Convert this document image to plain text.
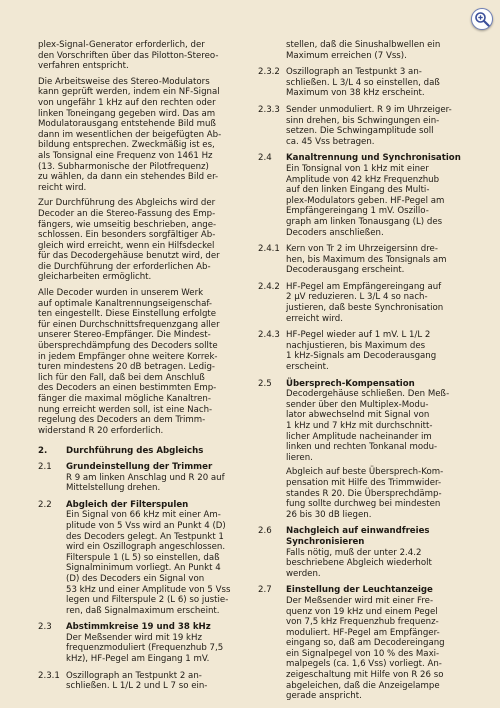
plex-Signal-Generator erforderlich, der
den Vorschriften über das Pilotton-Stereo-
verfahren entspricht.

Die Arbeitsweise des Stereo-Modulators
kann geprüft werden, indem ein NF-Signal
von ungefähr 1 kHz auf den rechten oder
linken Toneingang gegeben wird. Das am
Modulatorausgang entstehende Bild muß
dann im wesentlichen der beigefügten Ab-
bildung entsprechen. Zweckmäßig ist es,
als Tonsignal eine Frequenz von 1461 Hz
(13. Subharmonische der Pilotfrequenz)
zu wählen, da dann ein stehendes Bild er-
reicht wird.

Zur Durchführung des Abgleichs wird der
Decoder an die Stereo-Fassung des Emp-
fängers, wie umseitig beschrieben, ange-
schlossen. Ein besonders sorgfältiger Ab-
gleich wird erreicht, wenn ein Hilfsdeckel
für das Decodergehäuse benutzt wird, der
die Durchführung der erforderlichen Ab-
gleicharbeiten ermöglicht.

Alle Decoder wurden in unserem Werk
auf optimale Kanaltrennungseigenschaf-
ten eingestellt. Diese Einstellung erfolgte
für einen Durchschnittsfrequenzgang aller
unserer Stereo-Empfänger. Die Mindest-
übersprechdämpfung des Decoders sollte
in jedem Empfänger ohne weitere Korrek-
turen mindestens 20 dB betragen. Ledig-
lich für den Fall, daß bei dem Anschluß
des Decoders an einen bestimmten Emp-
fänger die maximal mögliche Kanaltren-
nung erreicht werden soll, ist eine Nach-
regelung des Decoders an dem Trimm-
widerstand R 20 erforderlich.

2.	Durchführung des Abgleichs
2.1	Grundeinstellung der Trimmer

R 9 am linken Anschlag und R 20 auf
Mittelstellung drehen.

2.2	Abgleich der Filterspulen

Ein Signal von 66 kHz mit einer Am-
plitude von 5 Vss wird an Punkt 4 (D)
des Decoders gelegt. An Testpunkt 1
wird ein Oszillograph angeschlossen.
Filterspule 1 (L 5) so einstellen, daß
Signalminimum vorliegt. An Punkt 4
(D) des Decoders ein Signal von
53 kHz und einer Amplitude von 5 Vss
legen und Filterspule 2 (L 6) so justie-
ren, daß Signalmaximum erscheint.

2.3	Abstimmkreise 19 und 38 kHz

Der Meßsender wird mit 19 kHz
frequenzmoduliert (Frequenzhub 7,5
kHz), HF-Pegel am Eingang 1 mV.

2.3.1 Oszillograph an Testpunkt 2 an-
schließen. L 1/L 2 und L 7 so ein-

stellen, daß die Sinushalbwellen ein
Maximum erreichen (7 Vss).

2.3.2 Oszillograph an Testpunkt 3 an-
schließen. L 3/L 4 so einstellen, daß
Maximum von 38 kHz erscheint.

2.3.3 Sender unmoduliert. R 9 im Uhrzeiger-
sinn drehen, bis Schwingungen ein-
setzen. Die Schwingamplitude soll
ca. 45 Vss betragen.

2.4	Kanaltrennung und Synchronisation

Ein Tonsignal von 1 kHz mit einer
Amplitude von 42 kHz Frequenzhub
auf den linken Eingang des Multi-
plex-Modulators geben. HF-Pegel am
Empfängereingang 1 mV. Oszillo-
graph am linken Tonausgang (L) des
Decoders anschließen.

2.4.1 Kern von Tr 2 im Uhrzeigersinn dre-
hen, bis Maximum des Tonsignals am
Decoderausgang erscheint.

2.4.2 HF-Pegel am Empfängereingang auf
2 µV reduzieren. L 3/L 4 so nach-
justieren, daß beste Synchronisation
erreicht wird.

2.4.3 HF-Pegel wieder auf 1 mV. L 1/L 2
nachjustieren, bis Maximum des
1 kHz-Signals am Decoderausgang
erscheint.

2.5	Übersprech-Kompensation

Decodergehäuse schließen. Den Meß-
sender über den Multiplex-Modu-
lator abwechselnd mit Signal von
1 kHz und 7 kHz mit durchschnitt-
licher Amplitude nacheinander im
linken und rechten Tonkanal modu-
lieren.

Abgleich auf beste Übersprech-Kom-
pensation mit Hilfe des Trimmwider-
standes R 20. Die Übersprechdämp-
fung sollte durchweg bei mindesten
26 bis 30 dB liegen.

2.6	Nachgleich auf einwandfreies
Synchronisieren

Falls nötig, muß der unter 2.4.2
beschriebene Abgleich wiederholt
werden.

2.7	Einstellung der Leuchtanzeige

Der Meßsender wird mit einer Fre-
quenz von 19 kHz und einem Pegel
von 7,5 kHz Frequenzhub frequenz-
moduliert. HF-Pegel am Empfänger-
eingang so, daß am Decodereingang
ein Signalpegel von 10 % des Maxi-
malpegels (ca. 1,6 Vss) vorliegt. An-
zeigeschaltung mit Hilfe von R 26 so
abgeleichen, daß die Anzeigelampe
gerade anspricht.
